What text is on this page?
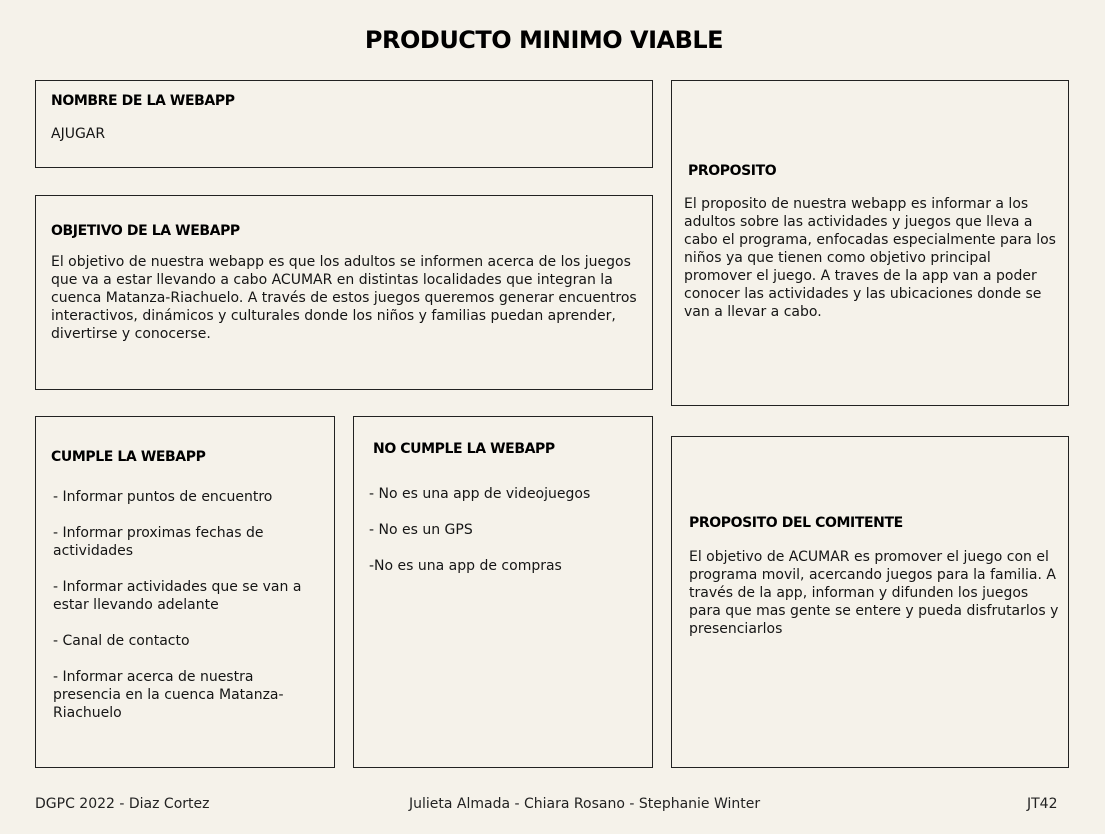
PRODUCTO MINIMO VIABLE
NOMBRE DE LA WEBAPP
AJUGAR
OBJETIVO DE LA WEBAPP
El objetivo de nuestra webapp es que los adultos se informen acerca de los juegos que va a estar llevando a cabo ACUMAR en distintas localidades que integran la cuenca Matanza-Riachuelo. A través de estos juegos queremos generar encuentros interactivos, dinámicos y culturales donde los niños y familias puedan aprender, divertirse y conocerse.
PROPOSITO
El proposito de nuestra webapp es informar a los adultos sobre las actividades y juegos que lleva a cabo el programa, enfocadas especialmente para los niños ya que tienen como objetivo principal promover el juego. A traves de la app van a poder conocer las actividades y las ubicaciones donde se van a llevar a cabo.
CUMPLE LA WEBAPP
- Informar puntos de encuentro
- Informar proximas fechas de actividades
- Informar actividades que se van a estar llevando adelante
- Canal de contacto
- Informar acerca de nuestra presencia en la cuenca Matanza-Riachuelo
NO CUMPLE LA WEBAPP
- No es una app de videojuegos
- No es un GPS
-No es una app de compras
PROPOSITO DEL COMITENTE
El objetivo de ACUMAR es promover el juego con el programa movil, acercando juegos para la familia. A través de la app, informan y difunden los juegos para que mas gente se entere y pueda disfrutarlos y presenciarlos
DGPC 2022 - Diaz Cortez	Julieta Almada - Chiara Rosano - Stephanie Winter	JT42
